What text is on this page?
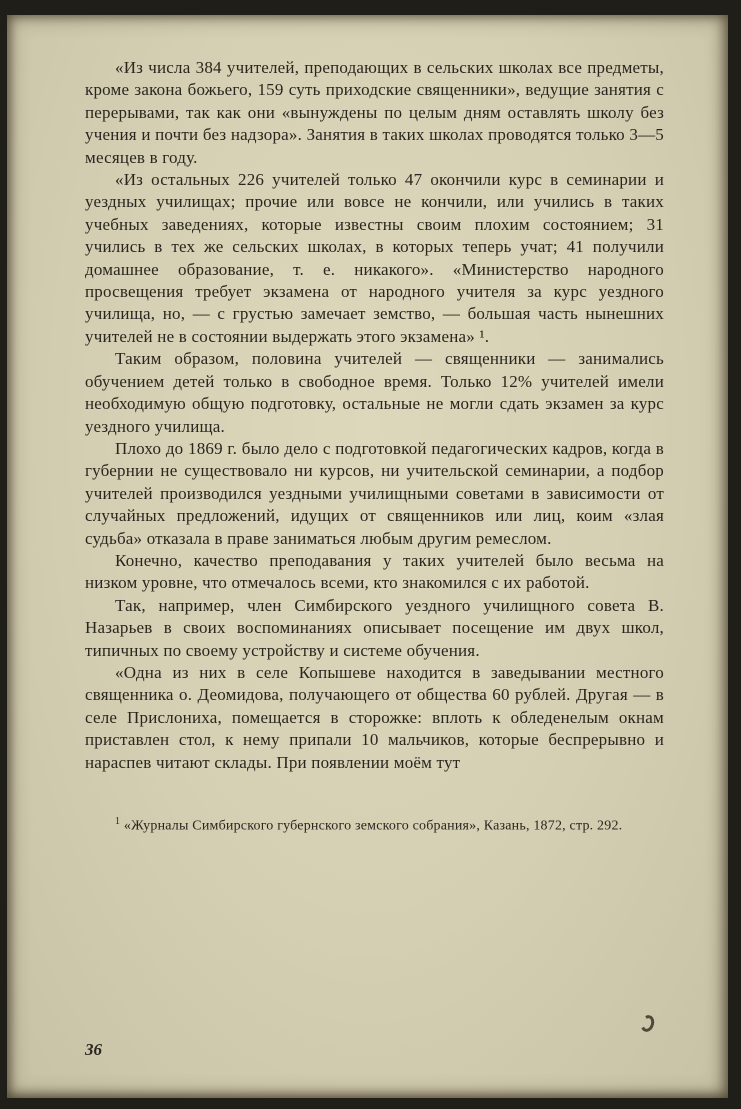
«Из числа 384 учителей, преподающих в сельских школах все предметы, кроме закона божьего, 159 суть приходские священники», ведущие занятия с перерывами, так как они «вынуждены по целым дням оставлять школу без учения и почти без надзора». Занятия в таких школах проводятся только 3—5 месяцев в году.

«Из остальных 226 учителей только 47 окончили курс в семинарии и уездных училищах; прочие или вовсе не кончили, или учились в таких учебных заведениях, которые известны своим плохим состоянием; 31 учились в тех же сельских школах, в которых теперь учат; 41 получили домашнее образование, т. е. никакого». «Министерство народного просвещения требует экзамена от народного учителя за курс уездного училища, но, — с грустью замечает земство, — большая часть нынешних учителей не в состоянии выдержать этого экзамена» ¹.

Таким образом, половина учителей — священники — занимались обучением детей только в свободное время. Только 12% учителей имели необходимую общую подготовку, остальные не могли сдать экзамен за курс уездного училища.

Плохо до 1869 г. было дело с подготовкой педагогических кадров, когда в губернии не существовало ни курсов, ни учительской семинарии, а подбор учителей производился уездными училищными советами в зависимости от случайных предложений, идущих от священников или лиц, коим «злая судьба» отказала в праве заниматься любым другим ремеслом.

Конечно, качество преподавания у таких учителей было весьма на низком уровне, что отмечалось всеми, кто знакомился с их работой.

Так, например, член Симбирского уездного училищного совета В. Назарьев в своих воспоминаниях описывает посещение им двух школ, типичных по своему устройству и системе обучения.

«Одна из них в селе Копышеве находится в заведывании местного священника о. Деомидова, получающего от общества 60 рублей. Другая — в селе Прислониха, помещается в сторожке: вплоть к обледенелым окнам приставлен стол, к нему припали 10 мальчиков, которые беспрерывно и нараспев читают склады. При появлении моём тут

$^1$ «Журналы Симбирского губернского земского собрания», Казань, 1872, стр. 292.
36
